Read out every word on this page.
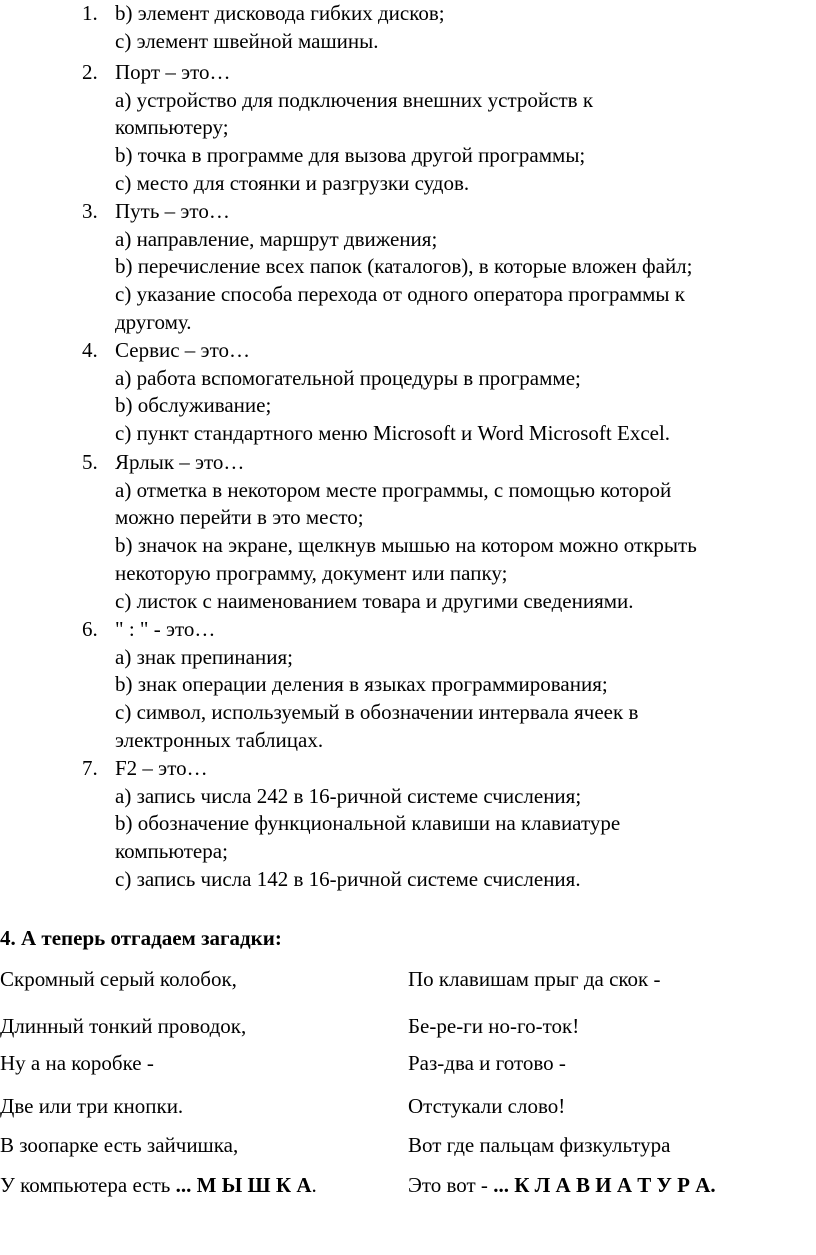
1. b) элемент дисковода гибких дисков;
c) элемент швейной машины.
2. Порт – это…
a) устройство для подключения внешних устройств к
компьютеру;
b) точка в программе для вызова другой программы;
c) место для стоянки и разгрузки судов.
3. Путь – это…
a) направление, маршрут движения;
b) перечисление всех папок (каталогов), в которые вложен файл;
c) указание способа перехода от одного оператора программы к
другому.
4. Сервис – это…
a) работа вспомогательной процедуры в программе;
b) обслуживание;
c) пункт стандартного меню Microsoft и Word Microsoft Excel.
5. Ярлык – это…
a) отметка в некотором месте программы, с помощью которой
можно перейти в это место;
b) значок на экране, щелкнув мышью на котором можно открыть
некоторую программу, документ или папку;
c) листок с наименованием товара и другими сведениями.
6. " : " - это…
a) знак препинания;
b) знак операции деления в языках программирования;
c) символ, используемый в обозначении интервала ячеек в
электронных таблицах.
7. F2 – это…
a) запись числа 242 в 16-ричной системе счисления;
b) обозначение функциональной клавиши на клавиатуре
компьютера;
c) запись числа 142 в 16-ричной системе счисления.
4. А теперь отгадаем загадки:
Скромный серый колобок,
Длинный тонкий проводок,
Ну а на коробке -
Две или три кнопки.
В зоопарке есть зайчишка,
У компьютера есть ... М Ы Ш К А.
По клавишам прыг да скок -
Бе-ре-ги но-го-ток!
Раз-два и готово -
Отстукали слово!
Вот где пальцам физкультура
Это вот - ... К Л А В И А Т У Р А.
